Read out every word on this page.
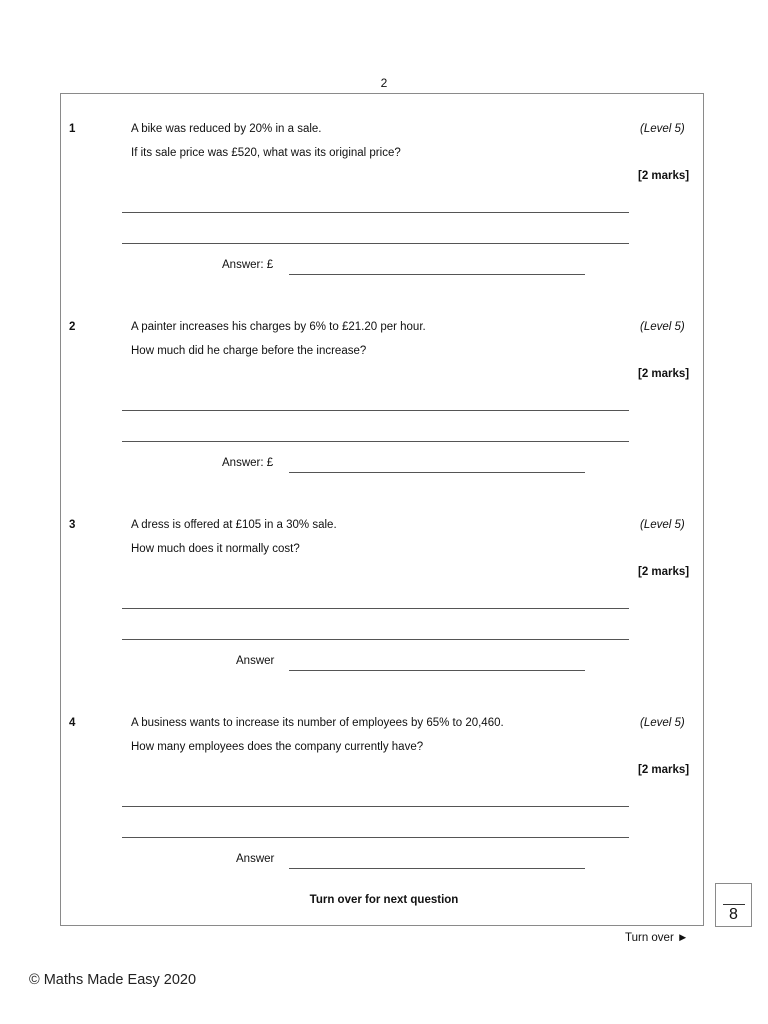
2
1	A bike was reduced by 20% in a sale.
If its sale price was £520, what was its original price?
(Level 5)
[2 marks]
Answer: £
2	A painter increases his charges by 6% to £21.20 per hour.
How much did he charge before the increase?
(Level 5)
[2 marks]
Answer: £
3	A dress is offered at £105 in a 30% sale.
How much does it normally cost?
(Level 5)
[2 marks]
Answer
4	A business wants to increase its number of employees by 65% to 20,460.
How many employees does the company currently have?
(Level 5)
[2 marks]
Answer
Turn over for next question
8
Turn over ►
© Maths Made Easy 2020
